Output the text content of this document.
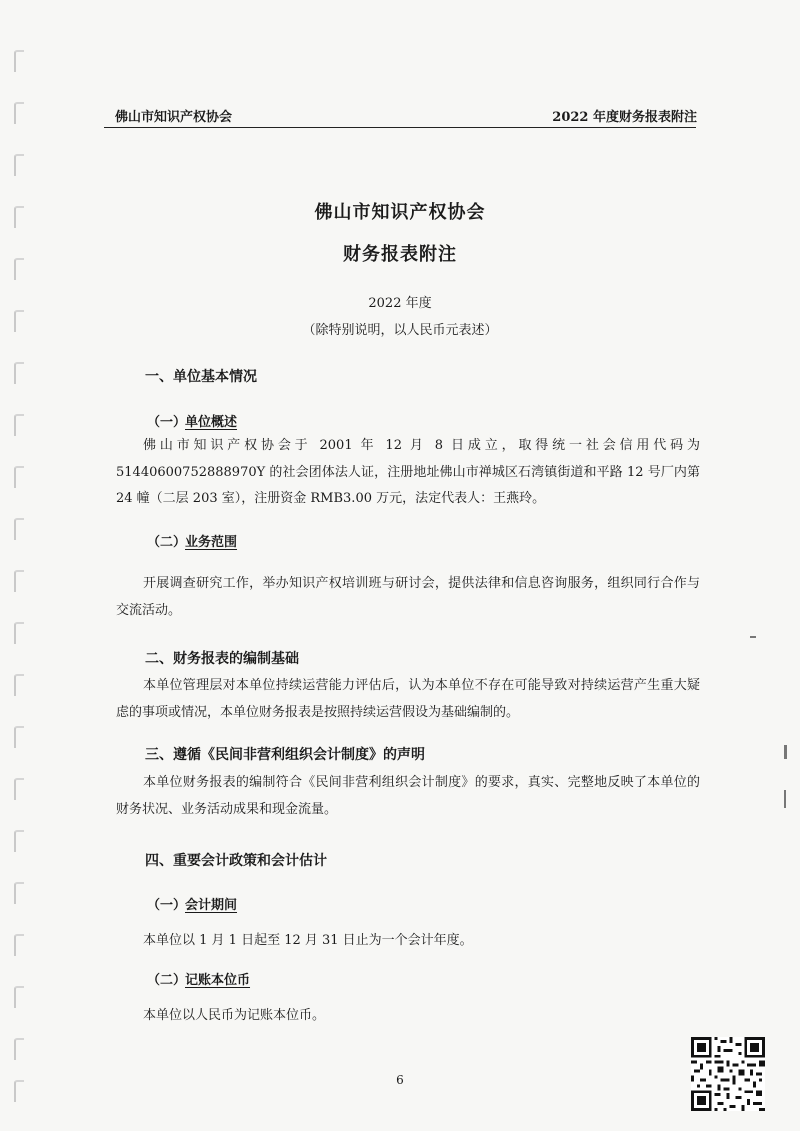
佛山市知识产权协会	2022 年度财务报表附注
佛山市知识产权协会
财务报表附注
2022 年度
（除特别说明，以人民币元表述）
一、单位基本情况
（一）单位概述
佛山市知识产权协会于 2001 年 12 月 8 日成立，取得统一社会信用代码为 51440600752888970Y 的社会团体法人证，注册地址佛山市禅城区石湾镇街道和平路 12 号厂内第 24 幢（二层 203 室），注册资金 RMB3.00 万元，法定代表人：王燕玲。
（二）业务范围
开展调查研究工作，举办知识产权培训班与研讨会，提供法律和信息咨询服务，组织同行合作与交流活动。
二、财务报表的编制基础
本单位管理层对本单位持续运营能力评估后，认为本单位不存在可能导致对持续运营产生重大疑虑的事项或情况，本单位财务报表是按照持续运营假设为基础编制的。
三、遵循《民间非营利组织会计制度》的声明
本单位财务报表的编制符合《民间非营利组织会计制度》的要求，真实、完整地反映了本单位的财务状况、业务活动成果和现金流量。
四、重要会计政策和会计估计
（一）会计期间
本单位以 1 月 1 日起至 12 月 31 日止为一个会计年度。
（二）记账本位币
本单位以人民币为记账本位币。
6
